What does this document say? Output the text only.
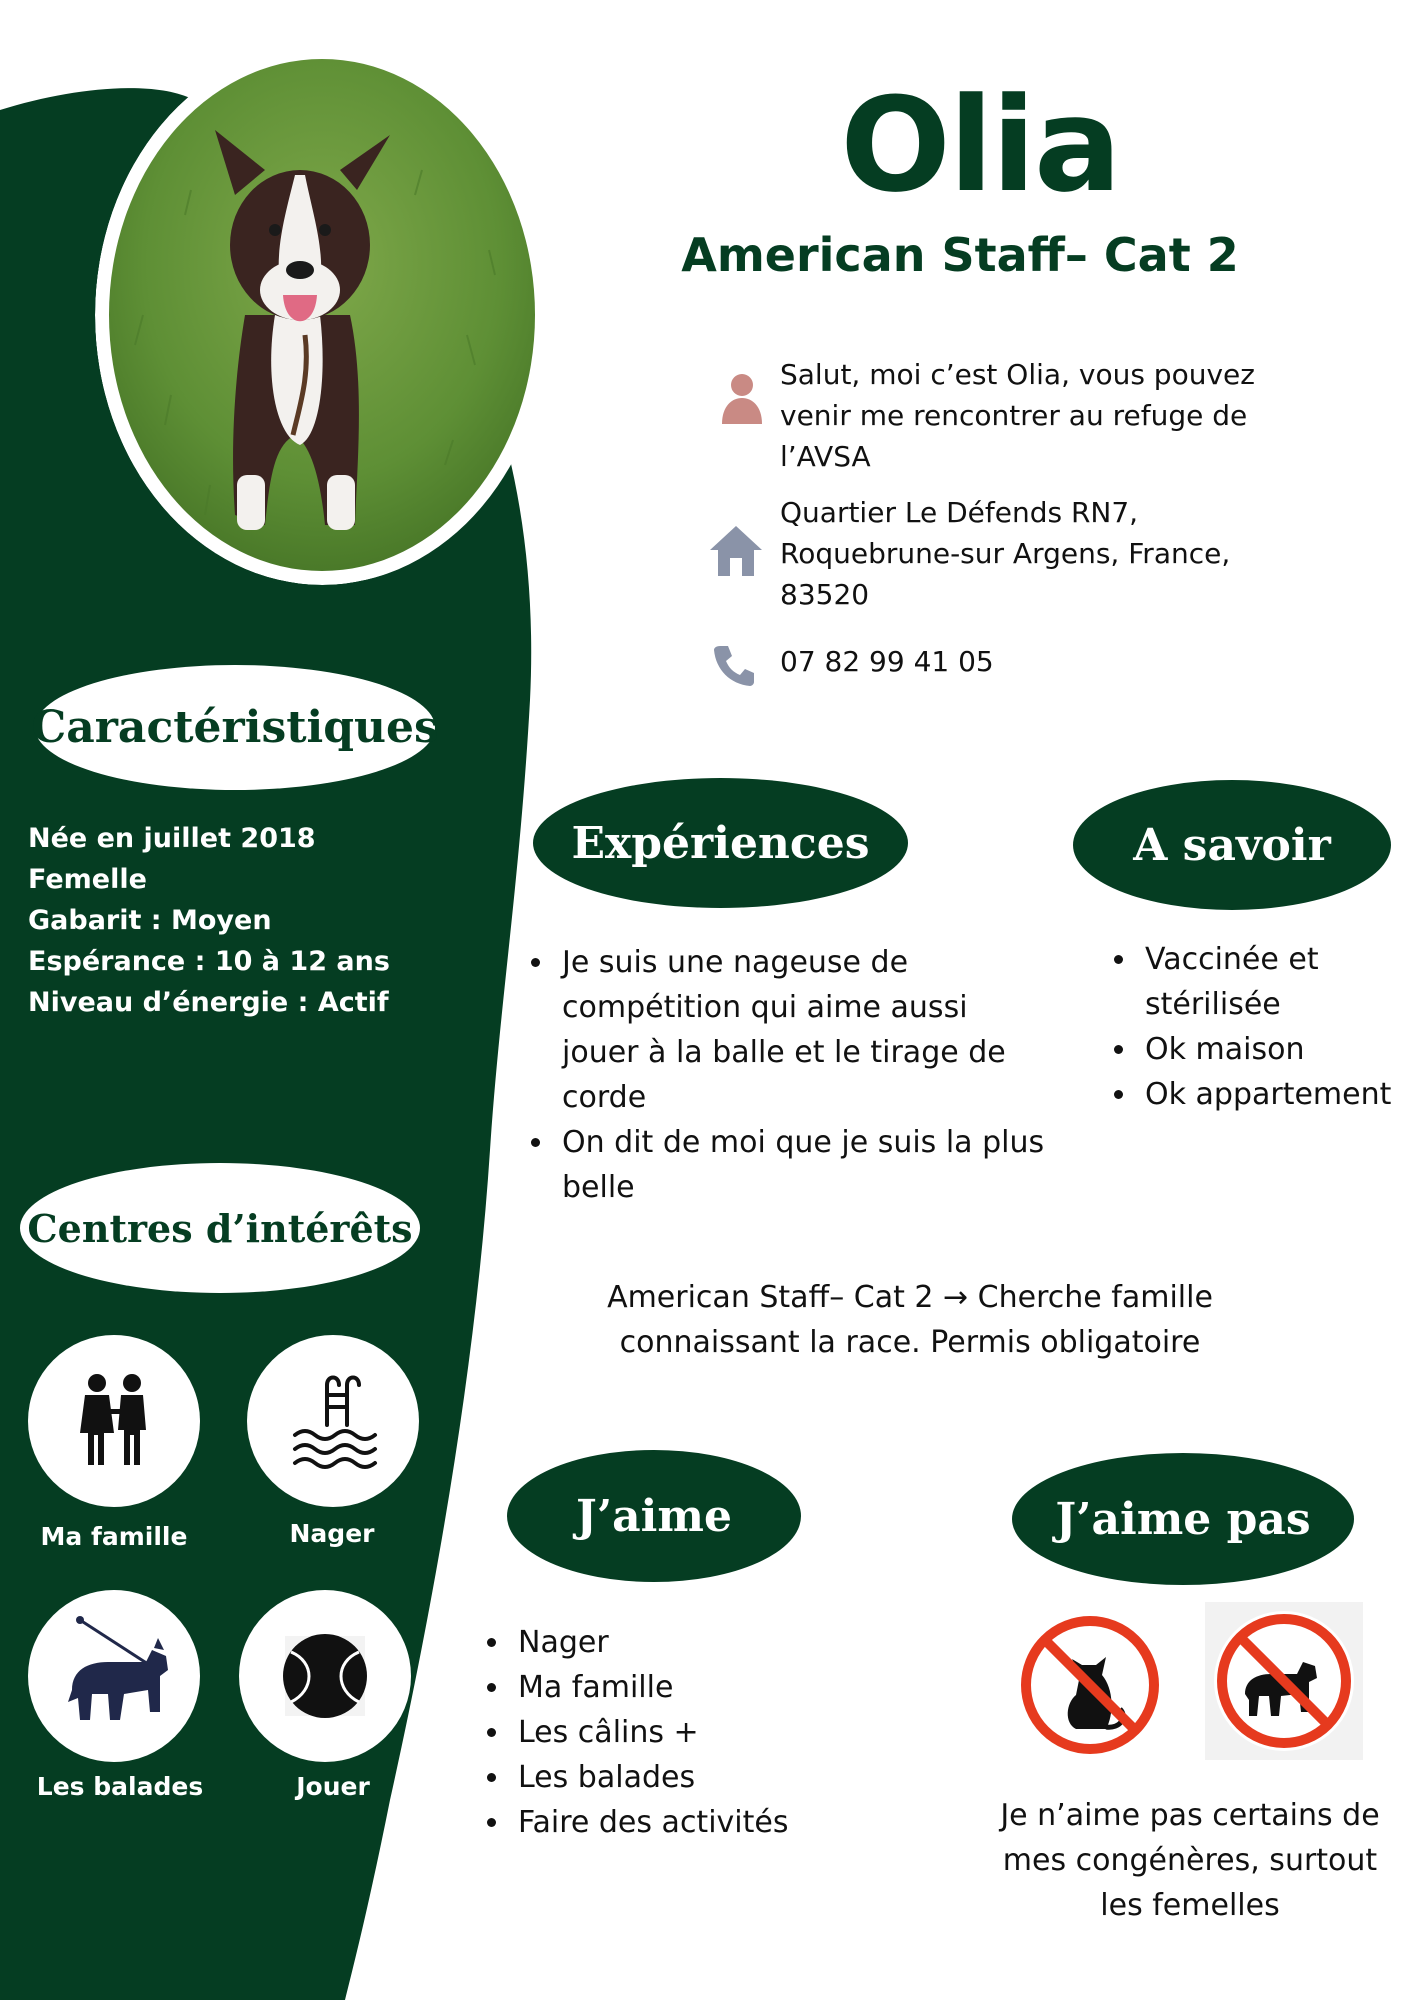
Olia
American Staff– Cat 2
Salut, moi c’est Olia, vous pouvez
venir me rencontrer au refuge de
l’AVSA
Quartier Le Défends RN7,
Roquebrune-sur Argens, France,
83520
07 82 99 41 05
Caractéristiques
Née en juillet 2018
Femelle
Gabarit : Moyen
Espérance : 10 à 12 ans
Niveau d’énergie : Actif
Centres d’intérêts
Ma famille	Nager
Les balades	Jouer
Expériences
• Je suis une nageuse de compétition qui aime aussi jouer à la balle et le tirage de corde
• On dit de moi que je suis la plus belle
A savoir
• Vaccinée et stérilisée
• Ok maison
• Ok appartement
American Staff– Cat 2 → Cherche famille connaissant la race. Permis obligatoire
J’aime
• Nager
• Ma famille
• Les câlins +
• Les balades
• Faire des activités
J’aime pas
Je n’aime pas certains de mes congénères, surtout les femelles
